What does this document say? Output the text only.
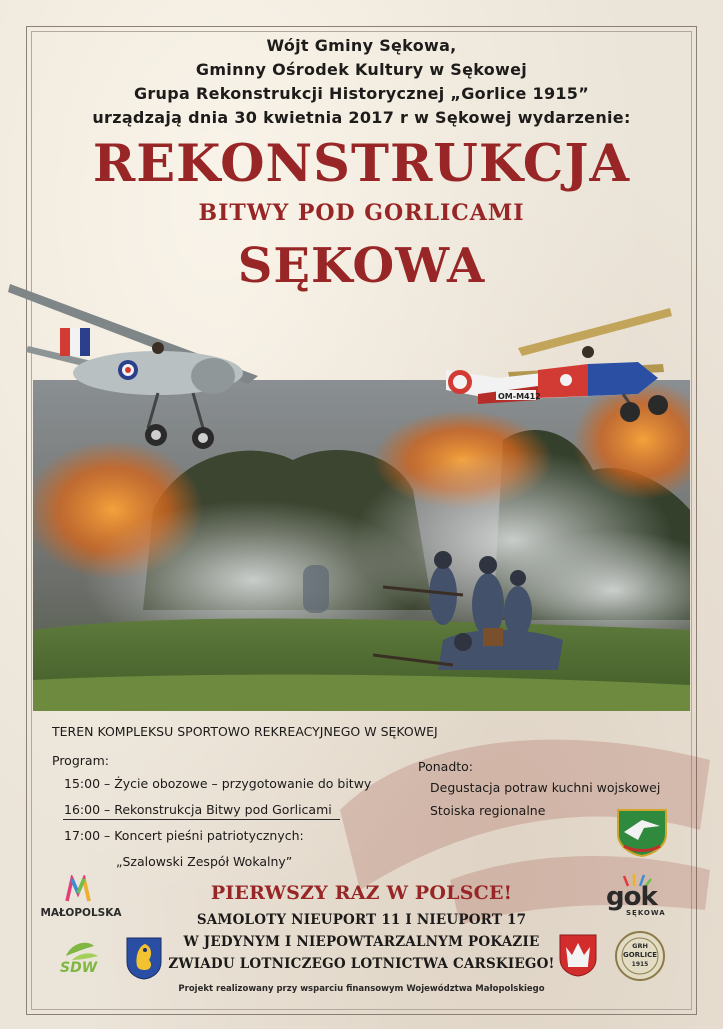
Wójt Gminy Sękowa,
Gminny Ośrodek Kultury w Sękowej
Grupa Rekonstrukcji Historycznej „Gorlice 1915”
urządzają dnia 30 kwietnia 2017 r w Sękowej wydarzenie:
REKONSTRUKCJA
BITWY POD GORLICAMI
SĘKOWA
OM-M412
TEREN KOMPLEKSU SPORTOWO REKREACYJNEGO W SĘKOWEJ
Program:
15:00 – Życie obozowe – przygotowanie do bitwy
16:00 – Rekonstrukcja Bitwy pod Gorlicami
17:00 – Koncert pieśni patriotycznych:
„Szalowski Zespół Wokalny”
Ponadto:
Degustacja potraw kuchni wojskowej
Stoiska regionalne
PIERWSZY RAZ W POLSCE!
SAMOLOTY NIEUPORT 11 I NIEUPORT 17
W JEDYNYM I NIEPOWTARZALNYM POKAZIE
ZWIADU LOTNICZEGO LOTNICTWA CARSKIEGO!
Projekt realizowany przy wsparciu finansowym Województwa Małopolskiego
MAŁOPOLSKA
SDW
GRH
GORLICE
1915
gok
SĘKOWA
